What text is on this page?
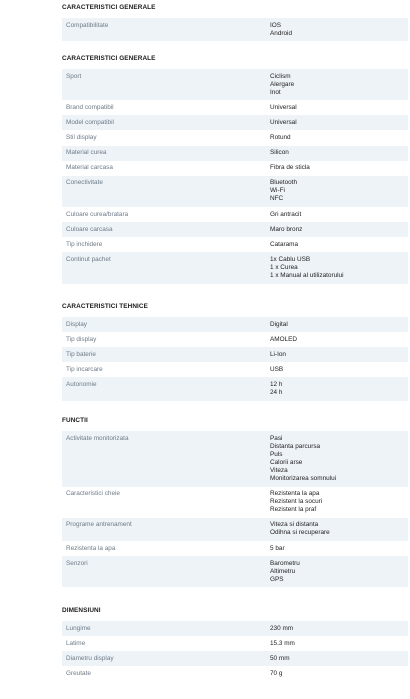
CARACTERISTICI GENERALE
Compatibilitate	IOS
Android
CARACTERISTICI GENERALE
Sport	Ciclism
Alergare
Inot
Brand compatibil	Universal
Model compatibil	Universal
Stil display	Rotund
Material curea	Silicon
Material carcasa	Fibra de sticla
Conectivitate	Bluetooth
Wi-Fi
NFC
Culoare curea/bratara	Gri antracit
Culoare carcasa	Maro bronz
Tip inchidere	Catarama
Continut pachet	1x Cablu USB
1 x Curea
1 x Manual al utilizatorului
CARACTERISTICI TEHNICE
Display	Digital
Tip display	AMOLED
Tip baterie	Li-Ion
Tip incarcare	USB
Autonomie	12 h
24 h
FUNCTII
Activitate monitorizata	Pasi
Distanta parcursa
Puls
Calorii arse
Viteza
Monitorizarea somnului
Caracteristici cheie	Rezistenta la apa
Rezistent la socuri
Rezistent la praf
Programe antrenament	Viteza si distanta
Odihna si recuperare
Rezistenta la apa	5 bar
Senzori	Barometru
Altimetru
GPS
DIMENSIUNI
Lungime	230 mm
Latime	15.3 mm
Diametru display	50 mm
Greutate	70 g
